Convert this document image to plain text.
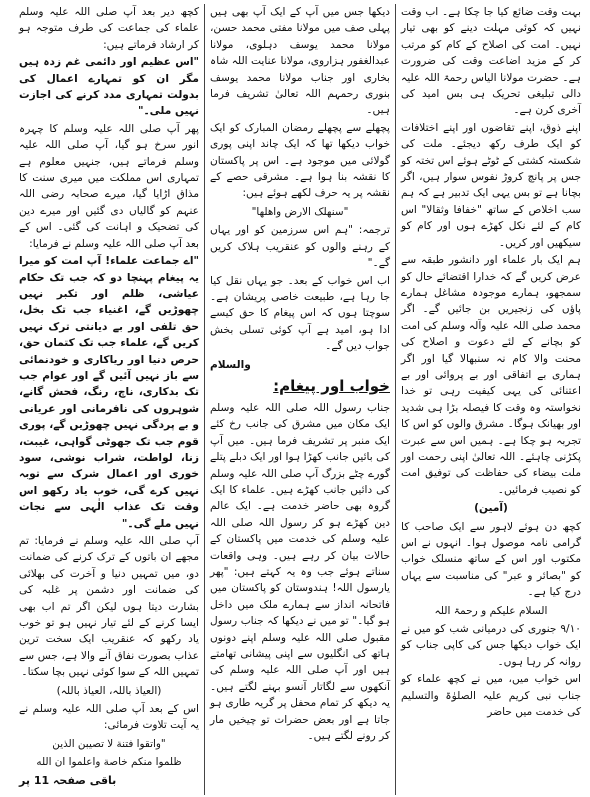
بہت وقت ضائع کیا جا چکا ہے۔ اب وقت نہیں کہ کوئی مہلت دینے کو بھی تیار نہیں۔ امت کی اصلاح کے کام کو مرتب کر کے مزید اضاعت وقت کی ضرورت ہے۔ حضرت مولانا الیاس رحمۃ اللہ علیہ دالی تبلیغی تحریک ہی بس امید کی آخری کرن ہے۔

اپنے ذوق، اپنے تقاضوں اور اپنے اختلافات کو ایک طرف رکھ دیجئے۔ ملت کی شکستہ کشتی کے ٹوٹے ہوئے اس تختہ کو جس پر پانچ کروڑ نفوس سوار ہیں، اگر بچانا ہے تو بس یہی ایک تدبیر ہے کہ ہم سب اخلاص کے ساتھ "خفافا وثقالا" اس کام کے لئے نکل کھڑے ہوں اور کام کو سیکھیں اور کریں۔

ہم ایک بار علماء اور دانشور طبقہ سے عرض کریں گے کہ خدارا اقتضائے حال کو سمجھو، ہمارے موجودہ مشاغل ہمارے پاؤں کی زنجیریں بن جائیں گے۔ اگر محمد صلی اللہ علیہ وآلہ وسلم کی امت کو بچانے کے لئے دعوت و اصلاح کی محنت والا کام نہ سنبھالا گیا اور اگر ہماری بے اتفاقی اور بے پروائی اور بے اعتنائی کی یہی کیفیت رہی تو خدا نخواستہ وہ وقت کا فیصلہ بڑا ہی شدید اور بھیانک ہوگا۔ مشرق والوں کو اس کا تجربہ ہو چکا ہے۔ ہمیں اس سے عبرت پکڑنی چاہئے۔ اللہ تعالیٰ اپنی رحمت اور ملت بیضاء کی حفاظت کی توفیق امت کو نصیب فرمائیں۔

(آمین)

کچھ دن ہوئے لاہور سے ایک صاحب کا گرامی نامہ موصول ہوا۔ انہوں نے اس مکتوب اور اس کے ساتھ منسلک خواب کو "بصائر و عبر" کی مناسبت سے یہاں درج کیا ہے۔

السلام علیکم و رحمۃ اللہ

۹/۱۰ جنوری کی درمیانی شب کو میں نے ایک خواب دیکھا جس کی کاپی جناب کو روانہ کر رہا ہوں۔

اس خواب میں، میں نے کچھ علماء کو جناب نبی کریم علیہ الصلوٰۃ والتسلیم کی خدمت میں حاضر

دیکھا جس میں آپ کے ایک آپ بھی ہیں پہلی صف میں مولانا مفتی محمد حسن، مولانا محمد یوسف دہلوی، مولانا عبدالغفور ہزاروی، مولانا عنایت اللہ شاہ بخاری اور جناب مولانا محمد یوسف بنوری رحمہم اللہ تعالیٰ تشریف فرما ہیں۔

پچھلے سے پچھلے رمضان المبارک کو ایک خواب دیکھا تھا کہ ایک چاند اپنی پوری گولائی میں موجود ہے۔ اس پر پاکستان کا نقشہ بنا ہوا ہے۔ مشرقی حصے کے نقشہ پر یہ حرف لکھے ہوئے ہیں:

"سنهلک الارض واهلها"

ترجمہ: "ہم اس سرزمین کو اور یہاں کے رہنے والوں کو عنقریب ہلاک کریں گے۔"

اب اس خواب کے بعد۔ جو یہاں نقل کیا جا رہا ہے، طبیعت خاصی پریشان ہے۔ سوچتا ہوں کہ اس پیغام کا حق کیسے ادا ہو، امید ہے آپ کوئی تسلی بخش جواب دیں گے۔

والسلام
خواب اور پیغام:

جناب رسول اللہ صلی اللہ علیہ وسلم ایک مکان میں مشرق کی جانب رخ کئے ایک منبر پر تشریف فرما ہیں۔ میں آپ کی بائیں جانب کھڑا ہوا اور ایک دبلے پتلے گورے چٹے بزرگ آپ صلی اللہ علیہ وسلم کی دائیں جانب کھڑے ہیں۔ علماء کا ایک گروہ بھی حاضر خدمت ہے۔ ایک عالم دین کھڑے ہو کر رسول اللہ صلی اللہ علیہ وسلم کی خدمت میں پاکستان کے حالات بیان کر رہے ہیں۔ وہی واقعات سناتے ہوئے جب وہ یہ کہتے ہیں: "پھر یارسول اللہ! ہندوستان کو پاکستان میں فاتحانہ انداز سے ہمارے ملک میں داخل ہو گیا۔" تو میں نے دیکھا کہ جناب رسول مقبول صلی اللہ علیہ وسلم اپنے دونوں ہاتھ کی انگلیوں سے اپنی پیشانی تھامتے ہیں اور آپ صلی اللہ علیہ وسلم کی آنکھوں سے لگاتار آنسو بہنے لگتے ہیں۔ یہ دیکھ کر تمام محفل پر گریہ طاری ہو جاتا ہے اور بعض حضرات تو چیخیں مار کر رونے لگتے ہیں۔

کچھ دیر بعد آپ صلی اللہ علیہ وسلم علماء کی جماعت کی طرف متوجہ ہو کر ارشاد فرماتے ہیں:

"اس عظیم اور دائمی غم زدہ ہیں مگر ان کو تمہارے اعمال کی بدولت تمہاری مدد کرنے کی اجازت نہیں ملی۔"

پھر آپ صلی اللہ علیہ وسلم کا چہرہ انور سرخ ہو گیا، آپ صلی اللہ علیہ وسلم فرماتے ہیں، جنہیں معلوم ہے تمہاری اس مملکت میں میری سنت کا مذاق اڑایا گیا، میرے صحابہ رضی اللہ عنہم کو گالیاں دی گئیں اور میرے دین کی تضحیک و اہانت کی گئی۔ اس کے بعد آپ صلی اللہ علیہ وسلم نے فرمایا:

"اے جماعت علماء! آپ امت کو میرا یہ پیغام پہنچا دو کہ جب تک حکام عیاشی، ظلم اور تکبر نہیں چھوڑیں گے، اغنیاء جب تک بخل، حق تلفی اور بے دیانتی ترک نہیں کریں گے، علماء جب تک کتمان حق، حرص دنیا اور ریاکاری و خودنمائی سے باز نہیں آئیں گے اور عوام جب تک بدکاری، ناچ، رنگ، فحش گانے، شوہروں کی نافرمانی اور عریانی و بے پردگی نہیں چھوڑیں گے، پوری قوم جب تک جھوٹی گواہی، غیبت، زنا، لواطت، شراب نوشی، سود خوری اور اعمال شرک سے توبہ نہیں کرے گی، خوب یاد رکھو اس وقت تک عذاب الٰہی سے نجات نہیں ملے گی۔"

آپ صلی اللہ علیہ وسلم نے فرمایا: تم مجھے ان باتوں کے ترک کرنے کی ضمانت دو، میں تمہیں دنیا و آخرت کی بھلائی کی ضمانت اور دشمن پر غلبہ کی بشارت دیتا ہوں لیکن اگر تم اب بھی ایسا کرنے کے لئے تیار نہیں ہو تو خوب یاد رکھو کہ عنقریب ایک سخت ترین عذاب بصورت نفاق آنے والا ہے، جس سے تمہیں اللہ کے سوا کوئی نہیں بچا سکتا۔

(العیاذ باللہ، العیاذ باللہ)

اس کے بعد آپ صلی اللہ علیہ وسلم نے یہ آیت تلاوت فرمائی:

"واتقوا فتنة لا تصيبن الذين
ظلموا منكم خاصة واعلموا ان الله
باقی صفحہ 11 پر
